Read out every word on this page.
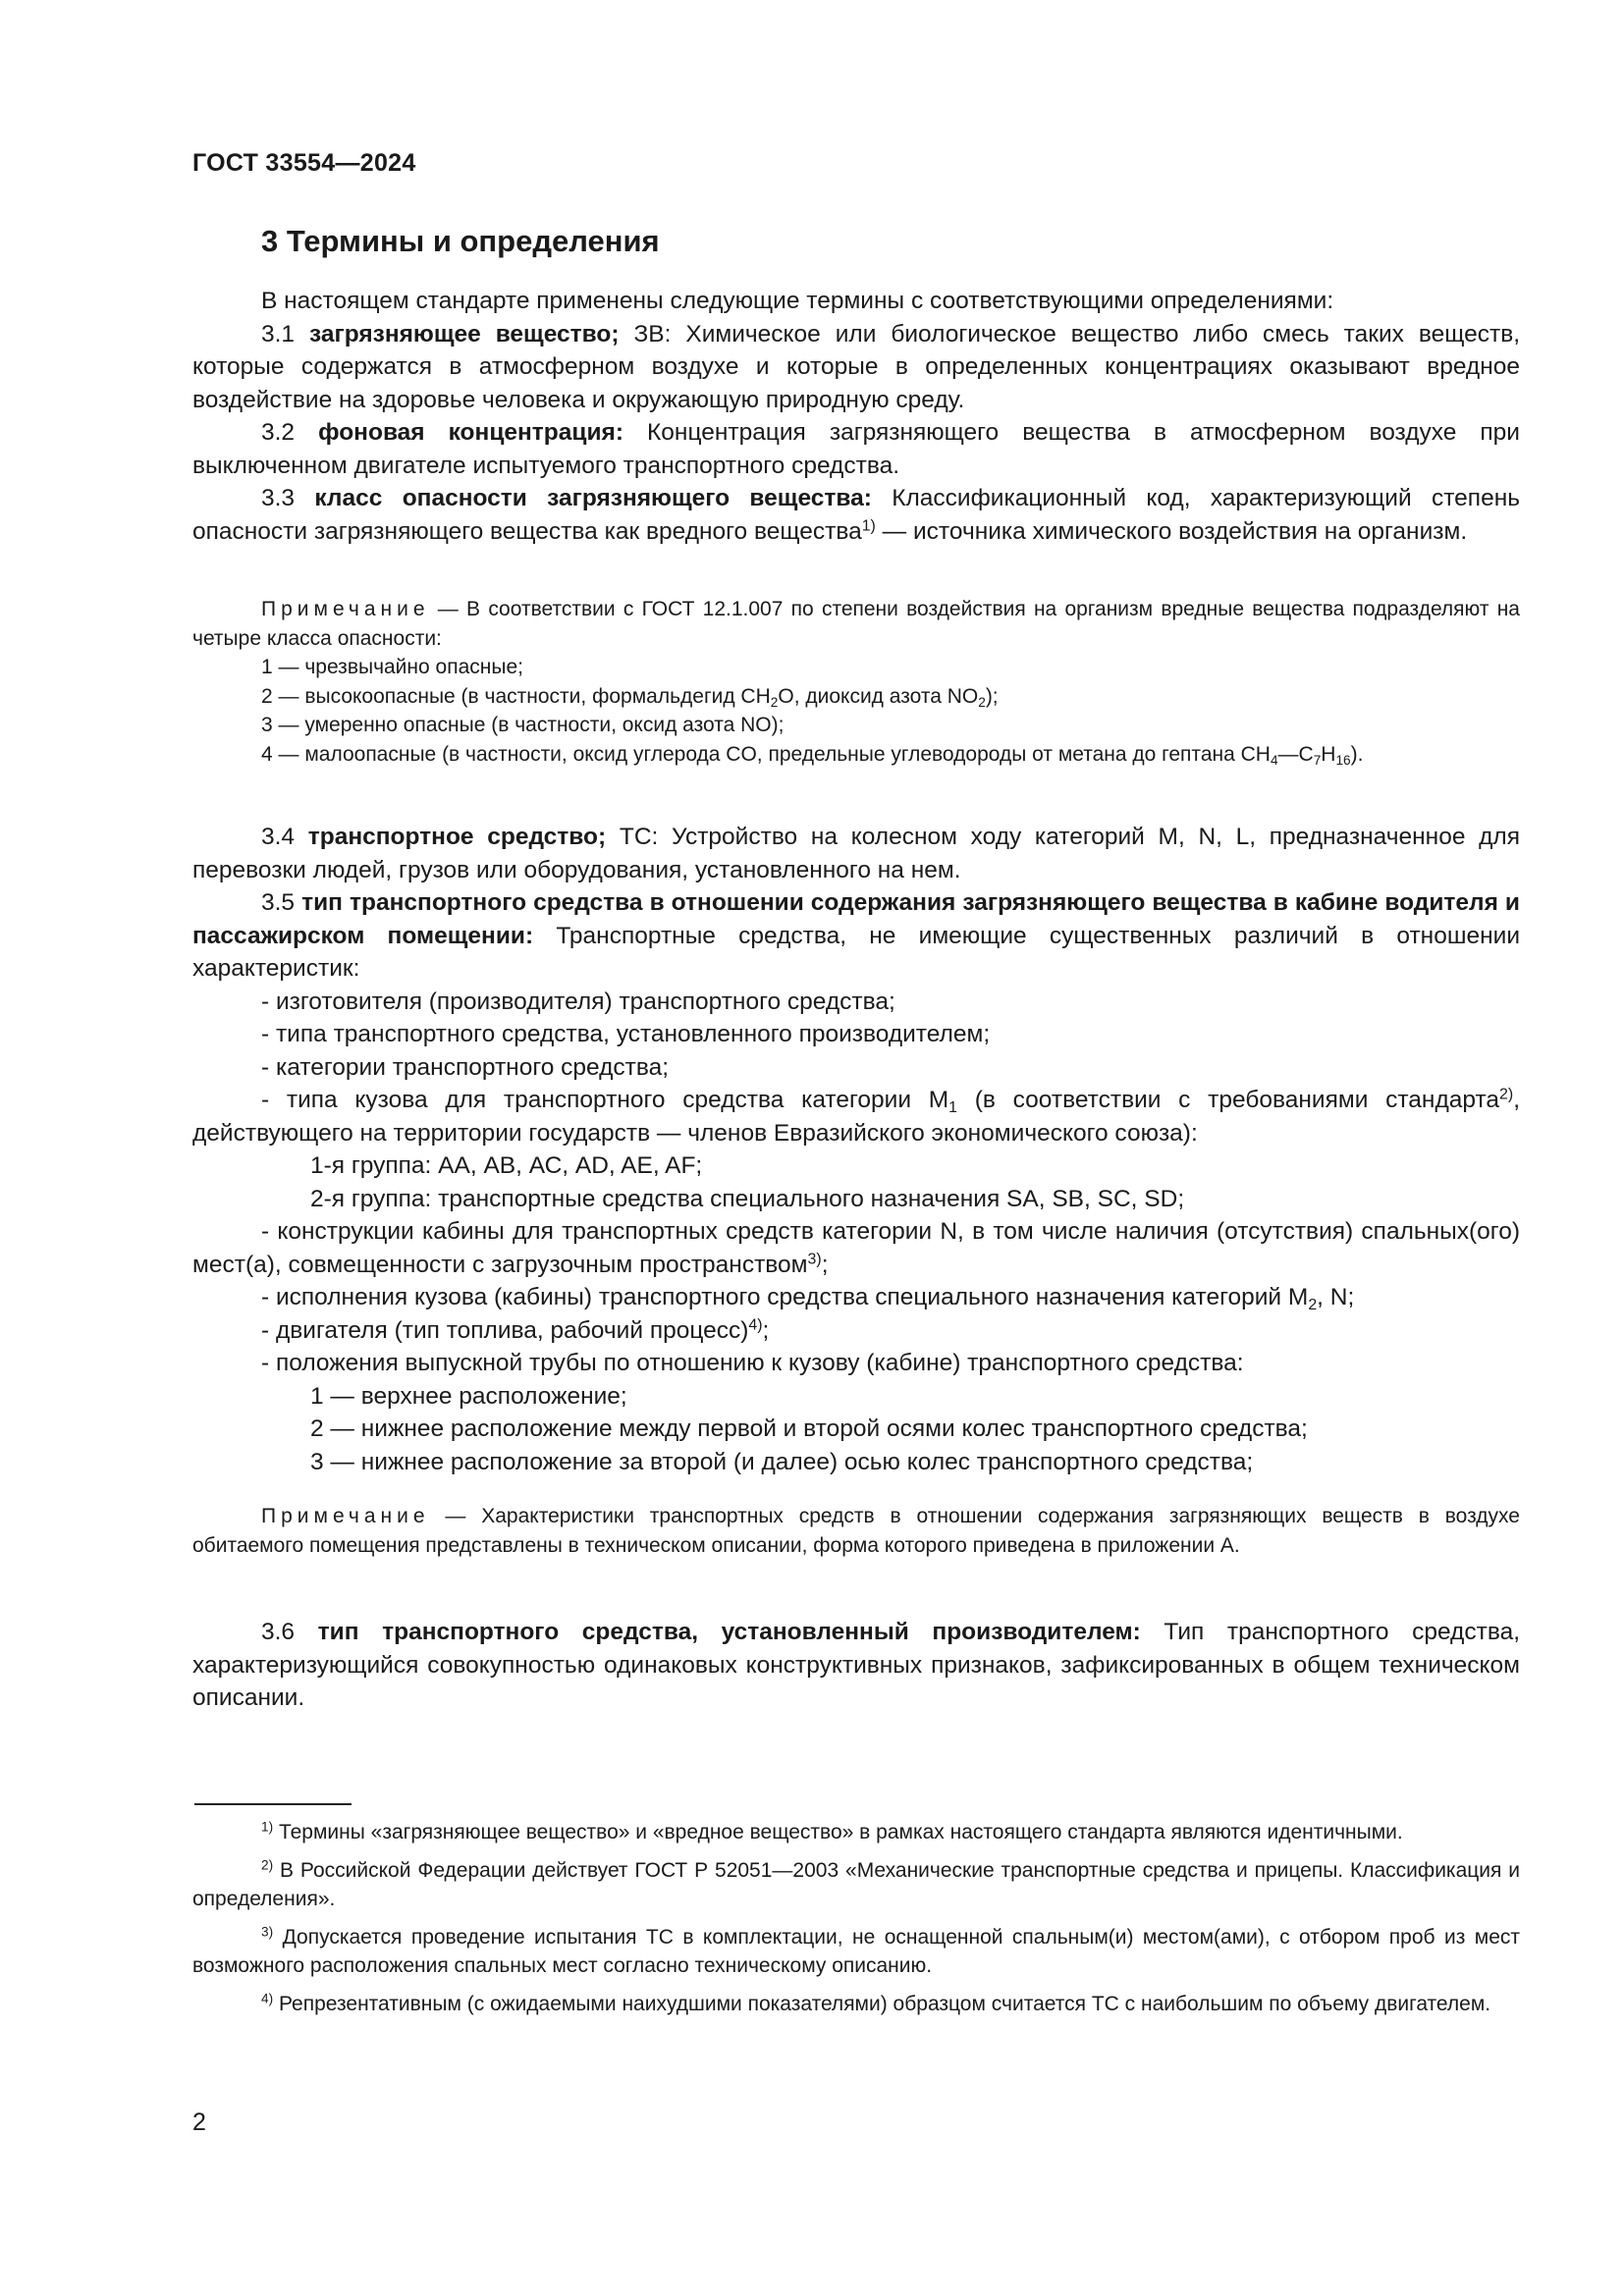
ГОСТ 33554—2024
3 Термины и определения

В настоящем стандарте применены следующие термины с соответствующими определениями:

3.1 загрязняющее вещество; ЗВ: Химическое или биологическое вещество либо смесь таких веществ, которые содержатся в атмосферном воздухе и которые в определенных концентрациях оказывают вредное воздействие на здоровье человека и окружающую природную среду.

3.2 фоновая концентрация: Концентрация загрязняющего вещества в атмосферном воздухе при выключенном двигателе испытуемого транспортного средства.

3.3 класс опасности загрязняющего вещества: Классификационный код, характеризующий степень опасности загрязняющего вещества как вредного вещества$^{1)}$ — источника химического воздействия на организм.

Примечание — В соответствии с ГОСТ 12.1.007 по степени воздействия на организм вредные вещества подразделяют на четыре класса опасности:

1 — чрезвычайно опасные;

2 — высокоопасные (в частности, формальдегид $CH_2O$, диоксид азота $NO_2$);

3 — умеренно опасные (в частности, оксид азота NO);

4 — малоопасные (в частности, оксид углерода CO, предельные углеводороды от метана до гептана $CH_4—C_7H_{16}$).

3.4 транспортное средство; ТС: Устройство на колесном ходу категорий M, N, L, предназначенное для перевозки людей, грузов или оборудования, установленного на нем.

3.5 тип транспортного средства в отношении содержания загрязняющего вещества в кабине водителя и пассажирском помещении: Транспортные средства, не имеющие существенных различий в отношении характеристик:

- изготовителя (производителя) транспортного средства;

- типа транспортного средства, установленного производителем;

- категории транспортного средства;

- типа кузова для транспортного средства категории $M_1$ (в соответствии с требованиями стандарта$^{2)}$, действующего на территории государств — членов Евразийского экономического союза):

1-я группа: АА, АВ, АС, AD, AE, AF;

2-я группа: транспортные средства специального назначения SA, SB, SC, SD;

- конструкции кабины для транспортных средств категории N, в том числе наличия (отсутствия) спальных(ого) мест(а), совмещенности с загрузочным пространством$^{3)}$;

- исполнения кузова (кабины) транспортного средства специального назначения категорий $M_2$, N;

- двигателя (тип топлива, рабочий процесс)$^{4)}$;

- положения выпускной трубы по отношению к кузову (кабине) транспортного средства:

1 — верхнее расположение;

2 — нижнее расположение между первой и второй осями колес транспортного средства;

3 — нижнее расположение за второй (и далее) осью колес транспортного средства;

Примечание — Характеристики транспортных средств в отношении содержания загрязняющих веществ в воздухе обитаемого помещения представлены в техническом описании, форма которого приведена в приложении А.

3.6 тип транспортного средства, установленный производителем: Тип транспортного средства, характеризующийся совокупностью одинаковых конструктивных признаков, зафиксированных в общем техническом описании.

$^{1)}$ Термины «загрязняющее вещество» и «вредное вещество» в рамках настоящего стандарта являются идентичными.

$^{2)}$ В Российской Федерации действует ГОСТ Р 52051—2003 «Механические транспортные средства и прицепы. Классификация и определения».

$^{3)}$ Допускается проведение испытания ТС в комплектации, не оснащенной спальным(и) местом(ами), с отбором проб из мест возможного расположения спальных мест согласно техническому описанию.

$^{4)}$ Репрезентативным (с ожидаемыми наихудшими показателями) образцом считается ТС с наибольшим по объему двигателем.

2
